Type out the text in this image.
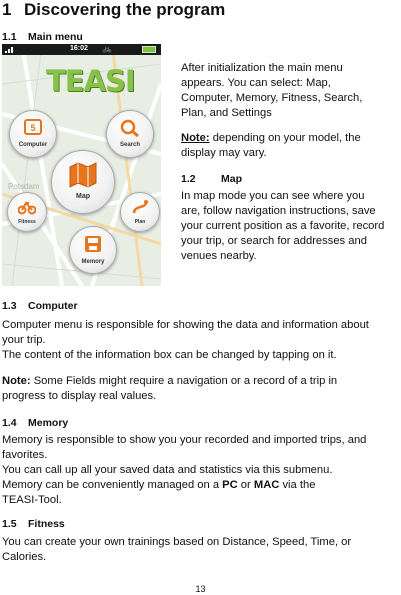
1 Discovering the program
1.1 Main menu
Potsdam
16:02 🚲
TEASI
5
Computer	Search
Map
Fitness	Plan
Memory
After initialization the main menu
appears. You can select: Map,
Computer, Memory, Fitness, Search,
Plan, and Settings
Note: depending on your model, the
display may vary.
1.2 Map
In map mode you can see where you
are, follow navigation instructions, save
your current position as a favorite, record
your trip, or search for addresses and
venues nearby.
1.3 Computer
Computer menu is responsible for showing the data and information about
your trip.
The content of the information box can be changed by tapping on it.
Note: Some Fields might require a navigation or a record of a trip in
progress to display real values.
1.4 Memory
Memory is responsible to show you your recorded and imported trips, and
favorites.
You can call up all your saved data and statistics via this submenu.
Memory can be conveniently managed on a PC or MAC via the
TEASI-Tool.
1.5 Fitness
You can create your own trainings based on Distance, Speed, Time, or
Calories.
13
